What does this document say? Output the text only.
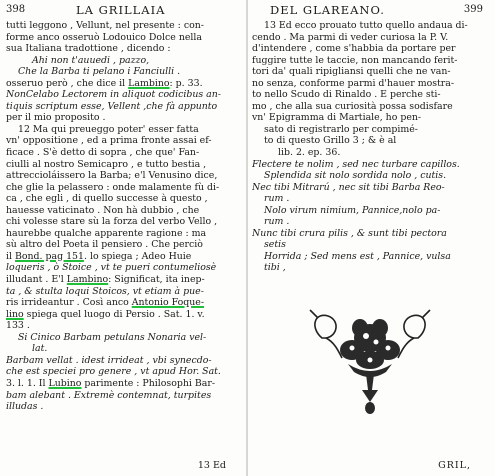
398	LA GRILLAIA
tutti leggono , Vellunt, nel presente : con-
forme anco osseruò Lodouico Dolce nella
sua Italiana tradottione , dicendo :
Ahi non t'auuedi , pazzo,
Che la Barba ti pelano i Fanciulli .
osseruo però , che dice il Lambino: p. 33.
NonCelabo Lectorem in aliquot codicibus an-
tiquis scriptum esse, Vellent ,che fà appunto
per il mio proposito .
12 Ma qui preueggo poter' esser fatta
vn' oppositione , ed a prima fronte assai ef-
ficace . S'è detto di sopra , che que' Fan-
ciulli al nostro Semicapro , e tutto bestia ,
attreccioláissero la Barba; e'l Venusino dice,
che glie la pelassero : onde malamente fù di-
ca , che egli , di quello successe à questo ,
hauesse vaticinato . Non hà dubbio , che
chi volesse stare sù la forza del verbo Vello ,
haurebbe qualche apparente ragione : ma
sù altro del Poeta il pensiero . Che perciò
il Bond. pag 151. lo spiega ; Adeo Huie
loqueris , ò Stoice , vt te pueri contumeliosè
illudant . E'l Lambino: Significat, ita inep-
ta , & stulta loqui Stoicos, vt etiam à pue-
ris irrideantur . Così anco Antonio Foque-
lino spiega quel luogo di Persio . Sat. 1. v.
133 .
Si Cinico Barbam petulans Nonaria vel-
lat.
Barbam vellat . idest irrideat , vbi synecdo-
che est speciei pro genere , vt apud Hor. Sat.
3. l. 1. Il Lubino parimente : Philosophi Bar-
bam alebant . Extremè contemnat, turpites
illudas .
13 Ed
DEL GLAREANO.	399
13 Ed ecco prouato tutto quello andaua di-
cendo . Ma parmi di veder curiosa la P. V.
d'intendere , come s'habbia da portare per
fuggire tutte le taccie, non mancando ferit-
tori da' quali ripigliansi quelli che ne van-
no senza, conforme parmi d'hauer mostra-
to nello Scudo di Rinaldo . E perche sti-
mo , che alla sua curiosità possa sodisfare
vn' Epigramma di Martiale, ho pen-
sato di registrarlo per compimé-
to di questo Grillo 3 ; & è al
lib. 2. ep. 36.
Flectere te nolim , sed nec turbare capillos.
Splendida sit nolo sordida nolo , cutis.
Nec tibi Mitrarú , nec sit tibi Barba Reo-
rum .
Nolo virum nimium, Pannice,nolo pa-
rum .
Nunc tibi crura pilis , & sunt tibi pectora
setis
Horrida ; Sed mens est , Pannice, vulsa
tibi ,
GRIL,
